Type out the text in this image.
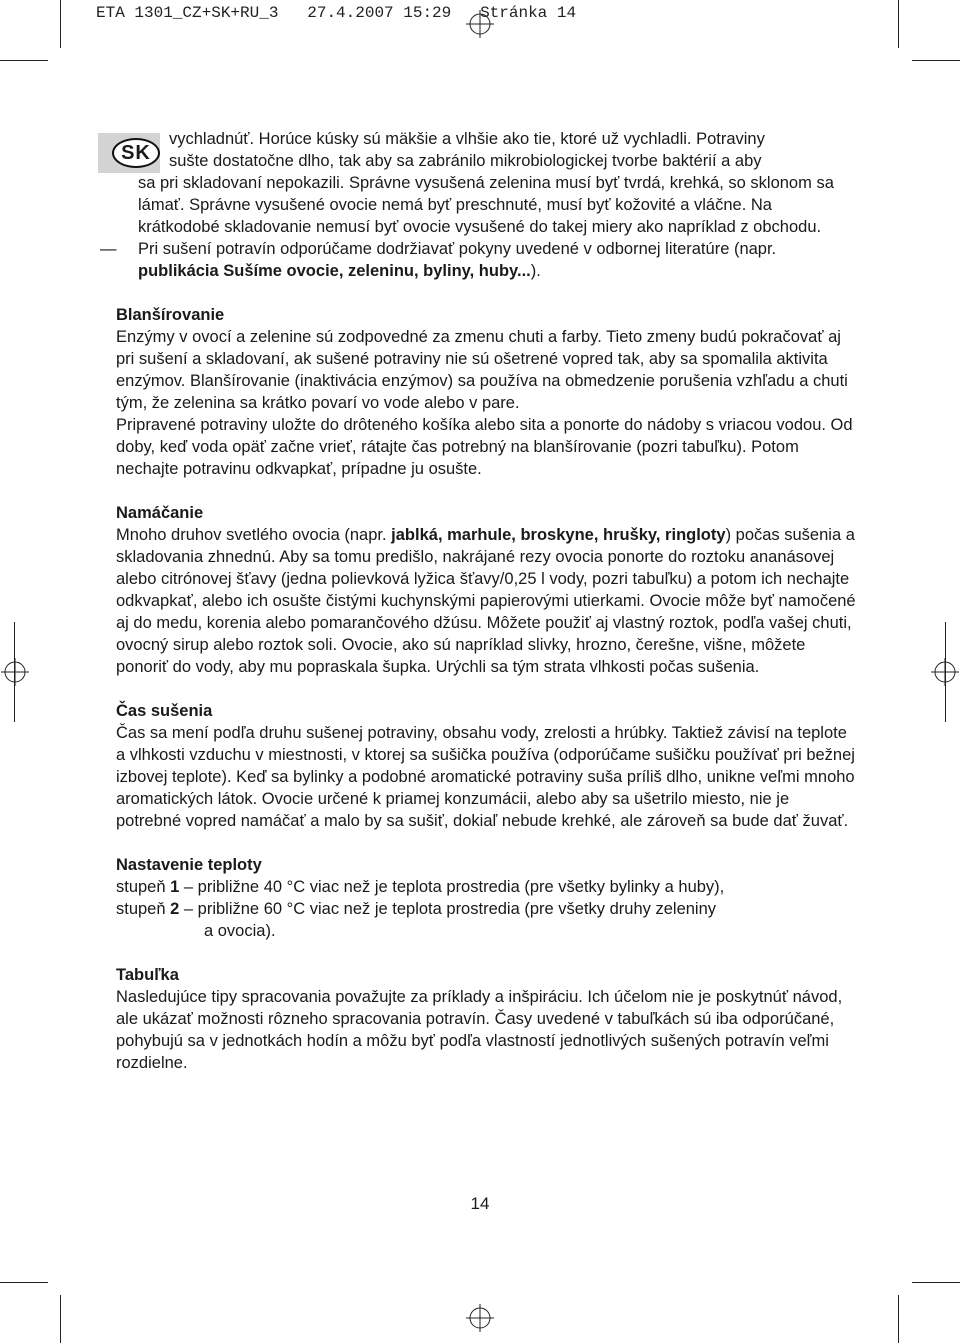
ETA 1301_CZ+SK+RU_3   27.4.2007 15:29   Stránka 14
SK

vychladnúť. Horúce kúsky sú mäkšie a vlhšie ako tie, ktoré už vychladli. Potraviny

sušte dostatočne dlho, tak aby sa zabránilo mikrobiologickej tvorbe baktérií a aby

sa pri skladovaní nepokazili. Správne vysušená zelenina musí byť tvrdá, krehká, so sklonom sa lámať. Správne vysušené ovocie nemá byť preschnuté, musí byť kožovité a vláčne. Na krátkodobé skladovanie nemusí byť ovocie vysušené do takej miery ako napríklad z obchodu.

—	Pri sušení potravín odporúčame dodržiavať pokyny uvedené v odbornej literatúre (napr. publikácia Sušíme ovocie, zeleninu, byliny, huby...).

Blanšírovanie

Enzýmy v ovocí a zelenine sú zodpovedné za zmenu chuti a farby. Tieto zmeny budú pokračovať aj pri sušení a skladovaní, ak sušené potraviny nie sú ošetrené vopred tak, aby sa spomalila aktivita enzýmov. Blanšírovanie (inaktivácia enzýmov) sa používa na obmedzenie porušenia vzhľadu a chuti tým, že zelenina sa krátko povarí vo vode alebo v pare.

Pripravené potraviny uložte do drôteného košíka alebo sita a ponorte do nádoby s vriacou vodou. Od doby, keď voda opäť začne vrieť, rátajte čas potrebný na blanšírovanie (pozri tabuľku). Potom nechajte potravinu odkvapkať, prípadne ju osušte.

Namáčanie

Mnoho druhov svetlého ovocia (napr. jablká, marhule, broskyne, hrušky, ringloty) počas sušenia a skladovania zhnednú. Aby sa tomu predišlo, nakrájané rezy ovocia ponorte do roztoku ananásovej alebo citrónovej šťavy (jedna polievková lyžica šťavy/0,25 l vody, pozri tabuľku) a potom ich nechajte odkvapkať, alebo ich osušte čistými kuchynskými papierovými utierkami. Ovocie môže byť namočené aj do medu, korenia alebo pomarančového džúsu. Môžete použiť aj vlastný roztok, podľa vašej chuti, ovocný sirup alebo roztok soli. Ovocie, ako sú napríklad slivky, hrozno, čerešne, višne, môžete ponoriť do vody, aby mu popraskala šupka. Urýchli sa tým strata vlhkosti počas sušenia.

Čas sušenia

Čas sa mení podľa druhu sušenej potraviny, obsahu vody, zrelosti a hrúbky. Taktiež závisí na teplote a vlhkosti vzduchu v miestnosti, v ktorej sa sušička používa (odporúčame sušičku používať pri bežnej izbovej teplote). Keď sa bylinky a podobné aromatické potraviny suša príliš dlho, unikne veľmi mnoho aromatických látok. Ovocie určené k priamej konzumácii, alebo aby sa ušetrilo miesto, nie je potrebné vopred namáčať a malo by sa sušiť, dokiaľ nebude krehké, ale zároveň sa bude dať žuvať.

Nastavenie teploty

stupeň 1 – približne 40 °C viac než je teplota prostredia (pre všetky bylinky a huby),
stupeň 2 – približne 60 °C viac než je teplota prostredia (pre všetky druhy zeleniny
a ovocia).

Tabuľka

Nasledujúce tipy spracovania považujte za príklady a inšpiráciu. Ich účelom nie je poskytnúť návod, ale ukázať možnosti rôzneho spracovania potravín. Časy uvedené v tabuľkách sú iba odporúčané, pohybujú sa v jednotkách hodín a môžu byť podľa vlastností jednotlivých sušených potravín veľmi rozdielne.

14
